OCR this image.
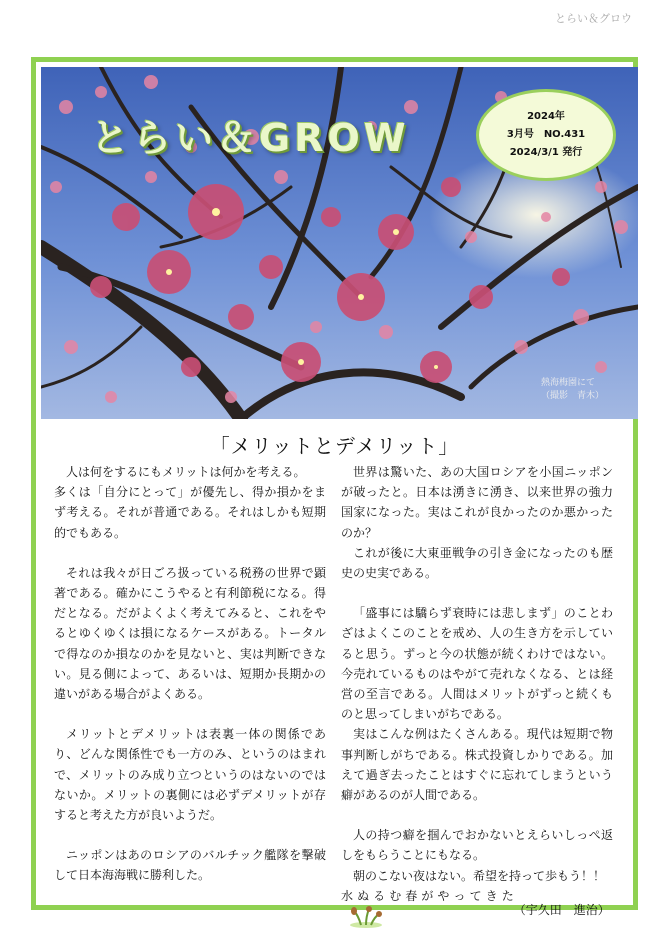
とらい＆グロウ
とらい＆GROW	2024年
3月号　NO.431
2024/3/1 発行
熱海梅園にて
（撮影　青木）
「メリットとデメリット」

人は何をするにもメリットは何かを考える。

多くは「自分にとって」が優先し、得か損かをまず考える。それが普通である。それはしかも短期的でもある。

それは我々が日ごろ扱っている税務の世界で顕著である。確かにこうやると有利節税になる。得だとなる。だがよくよく考えてみると、これをやるとゆくゆくは損になるケースがある。トータルで得なのか損なのかを見ないと、実は判断できない。見る側によって、あるいは、短期か長期かの違いがある場合がよくある。

メリットとデメリットは表裏一体の関係であり、どんな関係性でも一方のみ、というのはまれで、メリットのみ成り立つというのはないのではないか。メリットの裏側には必ずデメリットが存すると考えた方が良いようだ。

ニッポンはあのロシアのバルチック艦隊を撃破して日本海海戦に勝利した。

世界は驚いた、あの大国ロシアを小国ニッポンが破ったと。日本は湧きに湧き、以来世界の強力国家になった。実はこれが良かったのか悪かったのか？

これが後に大東亜戦争の引き金になったのも歴史の史実である。

「盛事には驕らず衰時には悲しまず」のことわざはよくこのことを戒め、人の生き方を示していると思う。ずっと今の状態が続くわけではない。今売れているものはやがて売れなくなる、とは経営の至言である。人間はメリットがずっと続くものと思ってしまいがちである。

実はこんな例はたくさんある。現代は短期で物事判断しがちである。株式投資しかりである。加えて過ぎ去ったことはすぐに忘れてしまうという癖があるのが人間である。

人の持つ癖を掴んでおかないとえらいしっぺ返しをもらうことにもなる。

朝のこない夜はない。希望を持って歩もう！！

水ぬるむ春がやってきた
（宇久田　進治）
